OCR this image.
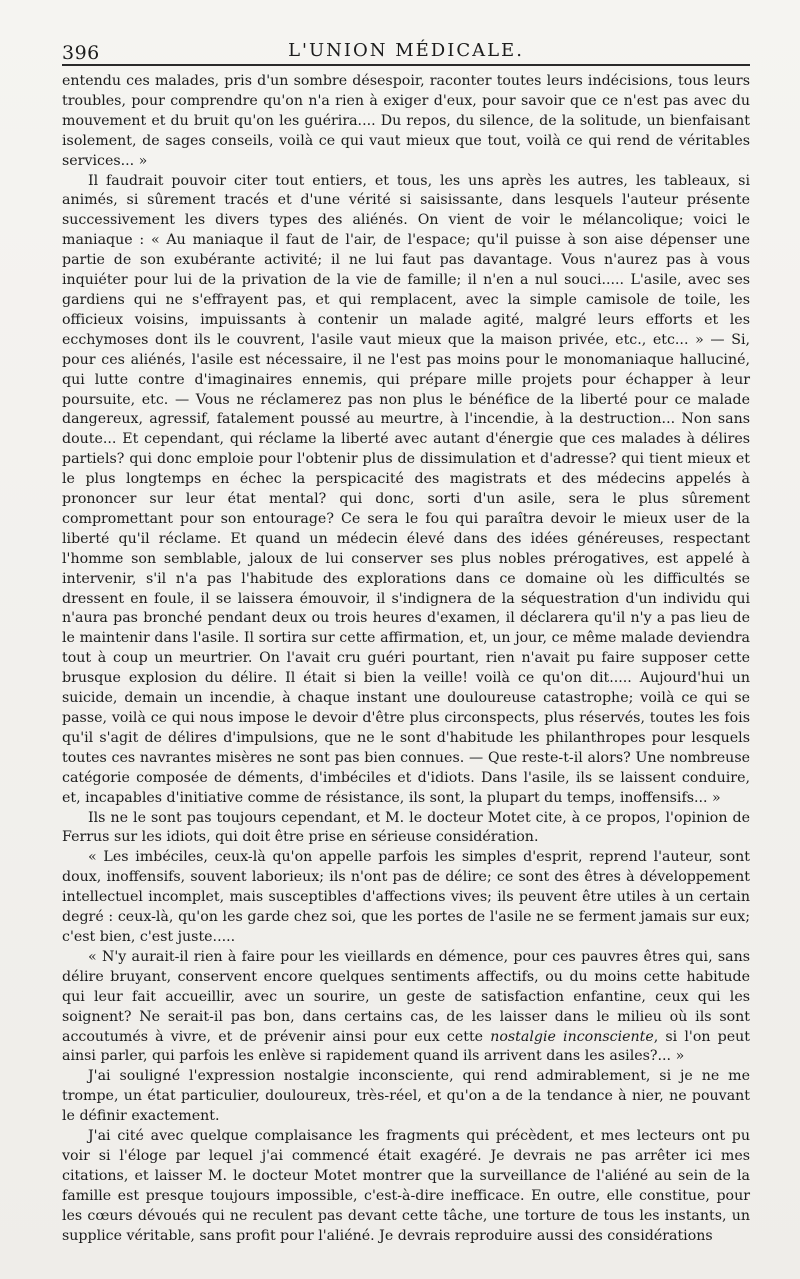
396	L'UNION MÉDICALE.

entendu ces malades, pris d'un sombre désespoir, raconter toutes leurs indécisions, tous leurs troubles, pour comprendre qu'on n'a rien à exiger d'eux, pour savoir que ce n'est pas avec du mouvement et du bruit qu'on les guérira.... Du repos, du silence, de la solitude, un bienfaisant isolement, de sages conseils, voilà ce qui vaut mieux que tout, voilà ce qui rend de véritables services... »

Il faudrait pouvoir citer tout entiers, et tous, les uns après les autres, les tableaux, si animés, si sûrement tracés et d'une vérité si saisissante, dans lesquels l'auteur présente successivement les divers types des aliénés. On vient de voir le mélancolique; voici le maniaque : « Au maniaque il faut de l'air, de l'espace; qu'il puisse à son aise dépenser une partie de son exubérante activité; il ne lui faut pas davantage. Vous n'aurez pas à vous inquiéter pour lui de la privation de la vie de famille; il n'en a nul souci..... L'asile, avec ses gardiens qui ne s'effrayent pas, et qui remplacent, avec la simple camisole de toile, les officieux voisins, impuissants à contenir un malade agité, malgré leurs efforts et les ecchymoses dont ils le couvrent, l'asile vaut mieux que la maison privée, etc., etc... » — Si, pour ces aliénés, l'asile est nécessaire, il ne l'est pas moins pour le monomaniaque halluciné, qui lutte contre d'imaginaires ennemis, qui prépare mille projets pour échapper à leur poursuite, etc. — Vous ne réclamerez pas non plus le bénéfice de la liberté pour ce malade dangereux, agressif, fatalement poussé au meurtre, à l'incendie, à la destruction... Non sans doute... Et cependant, qui réclame la liberté avec autant d'énergie que ces malades à délires partiels? qui donc emploie pour l'obtenir plus de dissimulation et d'adresse? qui tient mieux et le plus longtemps en échec la perspicacité des magistrats et des médecins appelés à prononcer sur leur état mental? qui donc, sorti d'un asile, sera le plus sûrement compromettant pour son entourage? Ce sera le fou qui paraîtra devoir le mieux user de la liberté qu'il réclame. Et quand un médecin élevé dans des idées généreuses, respectant l'homme son semblable, jaloux de lui conserver ses plus nobles prérogatives, est appelé à intervenir, s'il n'a pas l'habitude des explorations dans ce domaine où les difficultés se dressent en foule, il se laissera émouvoir, il s'indignera de la séquestration d'un individu qui n'aura pas bronché pendant deux ou trois heures d'examen, il déclarera qu'il n'y a pas lieu de le maintenir dans l'asile. Il sortira sur cette affirmation, et, un jour, ce même malade deviendra tout à coup un meurtrier. On l'avait cru guéri pourtant, rien n'avait pu faire supposer cette brusque explosion du délire. Il était si bien la veille! voilà ce qu'on dit..... Aujourd'hui un suicide, demain un incendie, à chaque instant une douloureuse catastrophe; voilà ce qui se passe, voilà ce qui nous impose le devoir d'être plus circonspects, plus réservés, toutes les fois qu'il s'agit de délires d'impulsions, que ne le sont d'habitude les philanthropes pour lesquels toutes ces navrantes misères ne sont pas bien connues. — Que reste-t-il alors? Une nombreuse catégorie composée de déments, d'imbéciles et d'idiots. Dans l'asile, ils se laissent conduire, et, incapables d'initiative comme de résistance, ils sont, la plupart du temps, inoffensifs... »

Ils ne le sont pas toujours cependant, et M. le docteur Motet cite, à ce propos, l'opinion de Ferrus sur les idiots, qui doit être prise en sérieuse considération.

« Les imbéciles, ceux-là qu'on appelle parfois les simples d'esprit, reprend l'auteur, sont doux, inoffensifs, souvent laborieux; ils n'ont pas de délire; ce sont des êtres à développement intellectuel incomplet, mais susceptibles d'affections vives; ils peuvent être utiles à un certain degré : ceux-là, qu'on les garde chez soi, que les portes de l'asile ne se ferment jamais sur eux; c'est bien, c'est juste.....

« N'y aurait-il rien à faire pour les vieillards en démence, pour ces pauvres êtres qui, sans délire bruyant, conservent encore quelques sentiments affectifs, ou du moins cette habitude qui leur fait accueillir, avec un sourire, un geste de satisfaction enfantine, ceux qui les soignent? Ne serait-il pas bon, dans certains cas, de les laisser dans le milieu où ils sont accoutumés à vivre, et de prévenir ainsi pour eux cette nostalgie inconsciente, si l'on peut ainsi parler, qui parfois les enlève si rapidement quand ils arrivent dans les asiles?... »

J'ai souligné l'expression nostalgie inconsciente, qui rend admirablement, si je ne me trompe, un état particulier, douloureux, très-réel, et qu'on a de la tendance à nier, ne pouvant le définir exactement.

J'ai cité avec quelque complaisance les fragments qui précèdent, et mes lecteurs ont pu voir si l'éloge par lequel j'ai commencé était exagéré. Je devrais ne pas arrêter ici mes citations, et laisser M. le docteur Motet montrer que la surveillance de l'aliéné au sein de la famille est presque toujours impossible, c'est-à-dire inefficace. En outre, elle constitue, pour les cœurs dévoués qui ne reculent pas devant cette tâche, une torture de tous les instants, un supplice véritable, sans profit pour l'aliéné. Je devrais reproduire aussi des considérations
